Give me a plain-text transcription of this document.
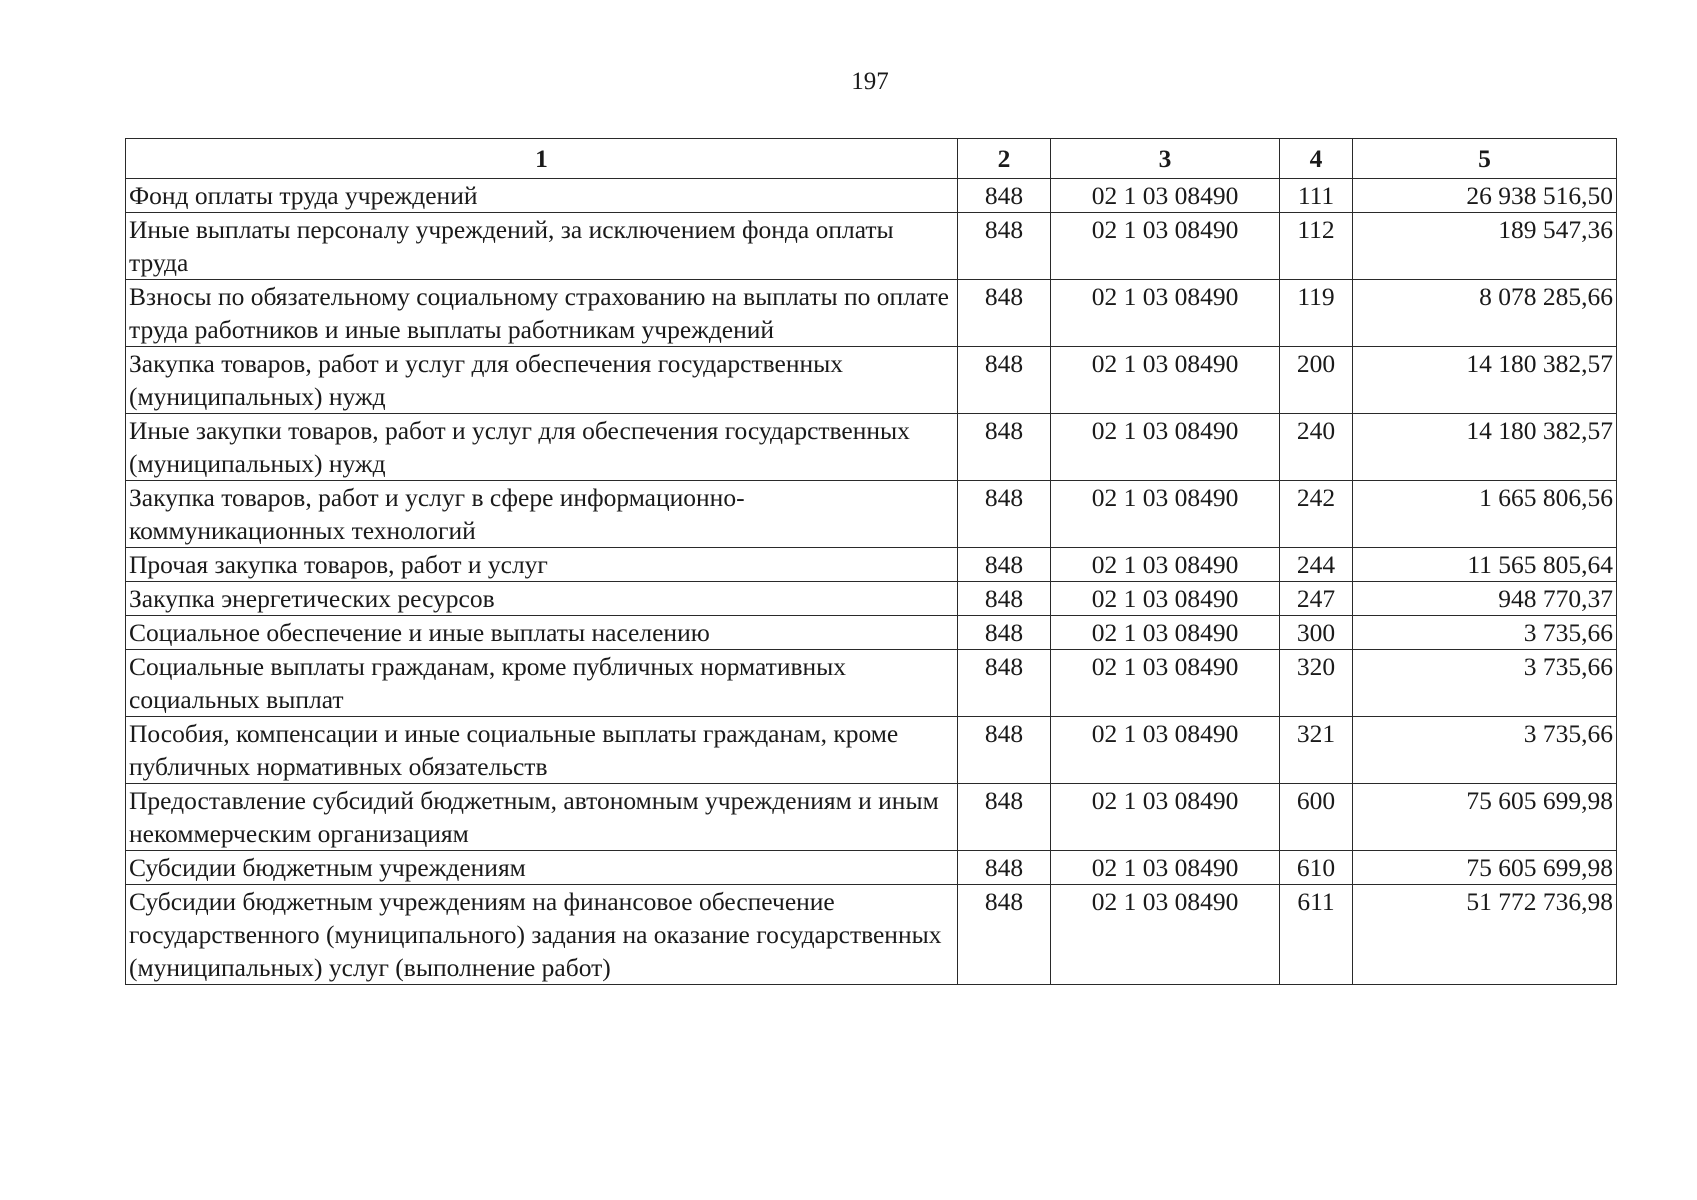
197
1	2	3	4	5
Фонд оплаты труда учреждений	848	02 1 03 08490	111	26 938 516,50
Иные выплаты персоналу учреждений, за исключением фонда оплаты труда	848	02 1 03 08490	112	189 547,36
Взносы по обязательному социальному страхованию на выплаты по оплате труда работников и иные выплаты работникам учреждений	848	02 1 03 08490	119	8 078 285,66
Закупка товаров, работ и услуг для обеспечения государственных (муниципальных) нужд	848	02 1 03 08490	200	14 180 382,57
Иные закупки товаров, работ и услуг для обеспечения государственных (муниципальных) нужд	848	02 1 03 08490	240	14 180 382,57
Закупка товаров, работ и услуг в сфере информационно-коммуникационных технологий	848	02 1 03 08490	242	1 665 806,56
Прочая закупка товаров, работ и услуг	848	02 1 03 08490	244	11 565 805,64
Закупка энергетических ресурсов	848	02 1 03 08490	247	948 770,37
Социальное обеспечение и иные выплаты населению	848	02 1 03 08490	300	3 735,66
Социальные выплаты гражданам, кроме публичных нормативных социальных выплат	848	02 1 03 08490	320	3 735,66
Пособия, компенсации и иные социальные выплаты гражданам, кроме публичных нормативных обязательств	848	02 1 03 08490	321	3 735,66
Предоставление субсидий бюджетным, автономным учреждениям и иным некоммерческим организациям	848	02 1 03 08490	600	75 605 699,98
Субсидии бюджетным учреждениям	848	02 1 03 08490	610	75 605 699,98
Субсидии бюджетным учреждениям на финансовое обеспечение государственного (муниципального) задания на оказание государственных (муниципальных) услуг (выполнение работ)	848	02 1 03 08490	611	51 772 736,98
